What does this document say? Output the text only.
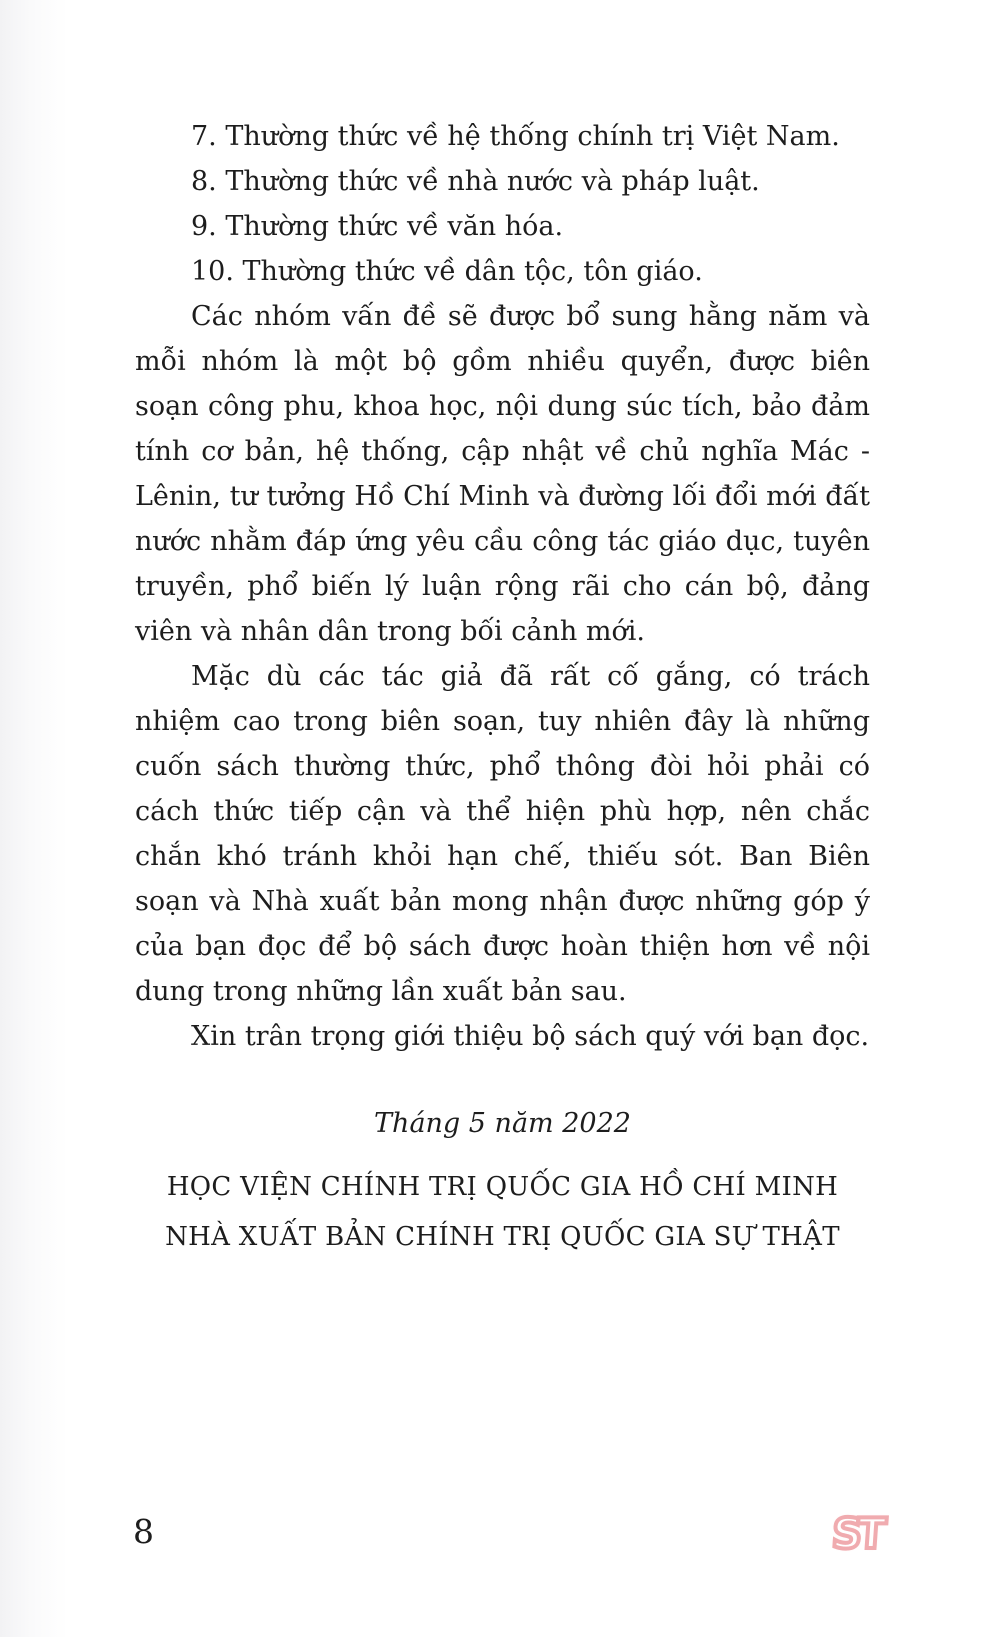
7. Thường thức về hệ thống chính trị Việt Nam.

8. Thường thức về nhà nước và pháp luật.

9. Thường thức về văn hóa.

10. Thường thức về dân tộc, tôn giáo.

Các nhóm vấn đề sẽ được bổ sung hằng năm và mỗi nhóm là một bộ gồm nhiều quyển, được biên soạn công phu, khoa học, nội dung súc tích, bảo đảm tính cơ bản, hệ thống, cập nhật về chủ nghĩa Mác - Lênin, tư tưởng Hồ Chí Minh và đường lối đổi mới đất nước nhằm đáp ứng yêu cầu công tác giáo dục, tuyên truyền, phổ biến lý luận rộng rãi cho cán bộ, đảng viên và nhân dân trong bối cảnh mới.

Mặc dù các tác giả đã rất cố gắng, có trách nhiệm cao trong biên soạn, tuy nhiên đây là những cuốn sách thường thức, phổ thông đòi hỏi phải có cách thức tiếp cận và thể hiện phù hợp, nên chắc chắn khó tránh khỏi hạn chế, thiếu sót. Ban Biên soạn và Nhà xuất bản mong nhận được những góp ý của bạn đọc để bộ sách được hoàn thiện hơn về nội dung trong những lần xuất bản sau.

Xin trân trọng giới thiệu bộ sách quý với bạn đọc.

Tháng 5 năm 2022

HỌC VIỆN CHÍNH TRỊ QUỐC GIA HỒ CHÍ MINH

NHÀ XUẤT BẢN CHÍNH TRỊ QUỐC GIA SỰ THẬT

8	ST
